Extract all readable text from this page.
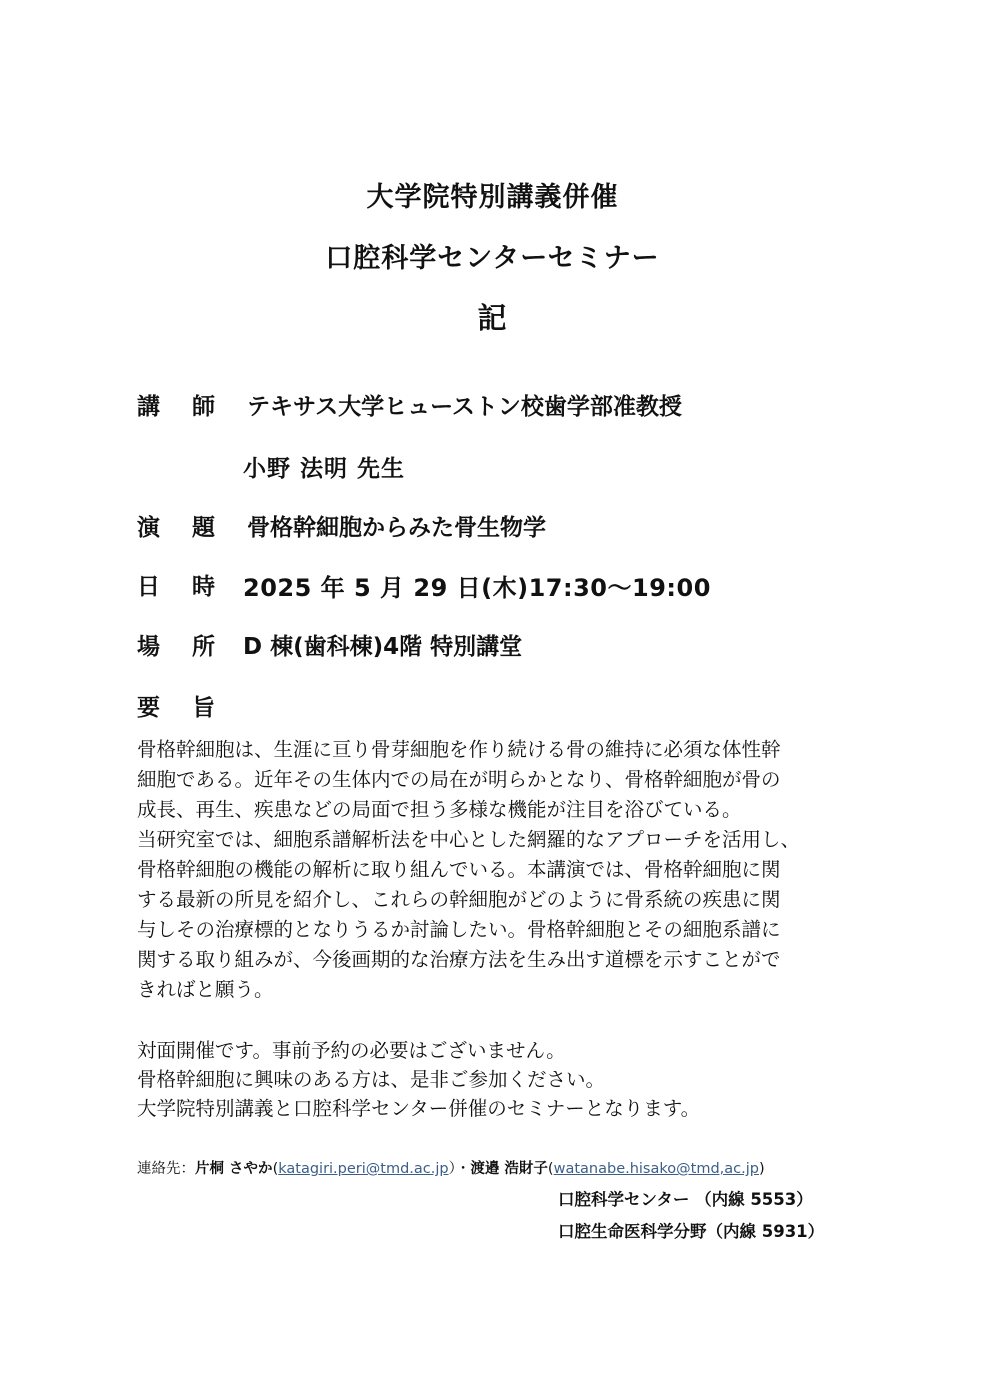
大学院特別講義併催
口腔科学センターセミナー
記
講 師 テキサス大学ヒューストン校歯学部准教授
小野 法明 先生
演 題 骨格幹細胞からみた骨生物学
日 時 2025 年 5 月 29 日(木)17:30〜19:00
場 所 D 棟(歯科棟)4階 特別講堂
要 旨
骨格幹細胞は、生涯に亘り骨芽細胞を作り続ける骨の維持に必須な体性幹
細胞である。近年その生体内での局在が明らかとなり、骨格幹細胞が骨の
成長、再生、疾患などの局面で担う多様な機能が注目を浴びている。
当研究室では、細胞系譜解析法を中心とした網羅的なアプローチを活用し、
骨格幹細胞の機能の解析に取り組んでいる。本講演では、骨格幹細胞に関
する最新の所見を紹介し、これらの幹細胞がどのように骨系統の疾患に関
与しその治療標的となりうるか討論したい。骨格幹細胞とその細胞系譜に
関する取り組みが、今後画期的な治療方法を生み出す道標を示すことがで
きればと願う。
対面開催です。事前予約の必要はございません。
骨格幹細胞に興味のある方は、是非ご参加ください。
大学院特別講義と口腔科学センター併催のセミナーとなります。
連絡先：片桐 さやか(katagiri.peri@tmd.ac.jp）・渡邉 浩財子(watanabe.hisako@tmd,ac.jp)
口腔科学センター （内線 5553）
口腔生命医科学分野（内線 5931）
